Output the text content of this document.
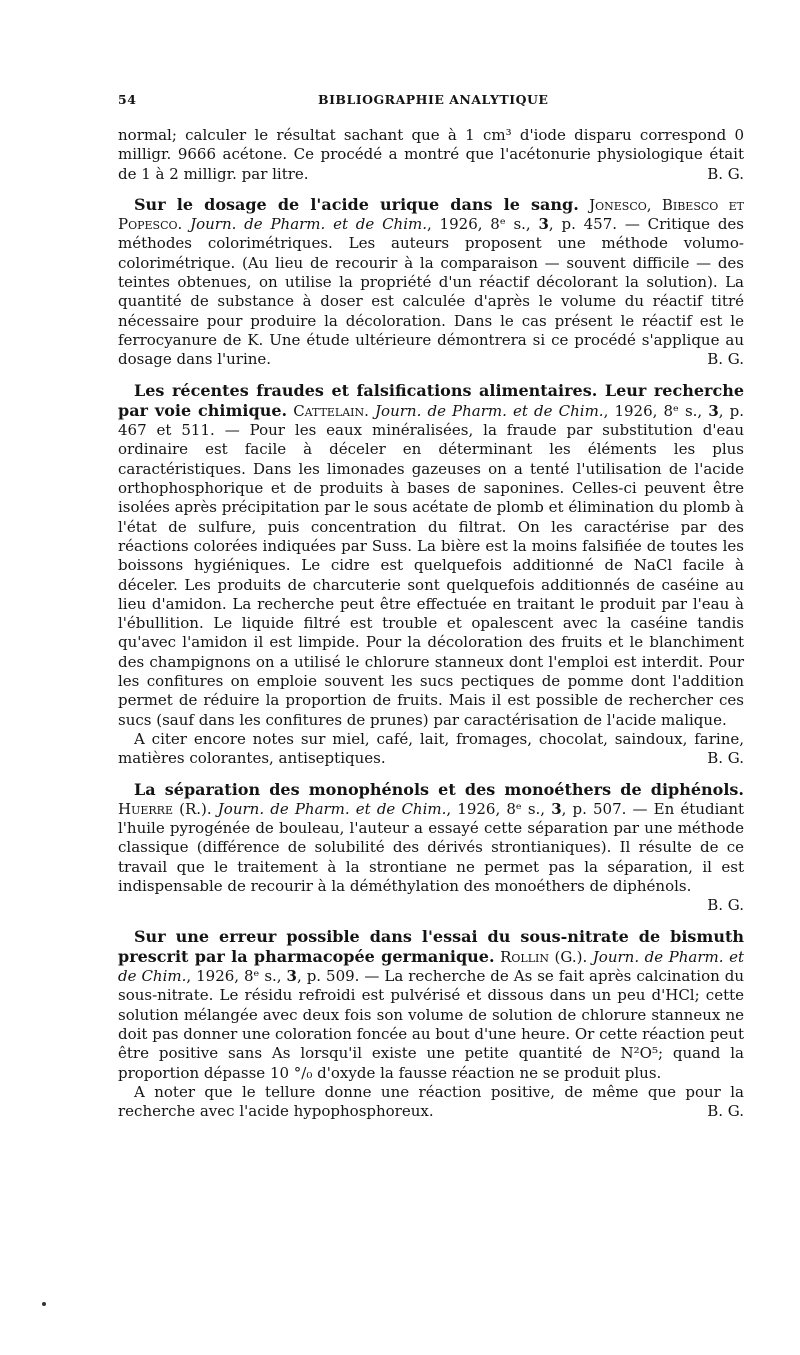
54	BIBLIOGRAPHIE ANALYTIQUE

normal; calculer le résultat sachant que à 1 cm³ d'iode disparu correspond 0 milligr. 9666 acétone. Ce procédé a montré que l'acétonurie physiologique était de 1 à 2 milligr. par litre.	B. G.

Sur le dosage de l'acide urique dans le sang. Jonesco, Bibesco et Popesco. Journ. de Pharm. et de Chim., 1926, 8ᵉ s., 3, p. 457. — Critique des méthodes colorimétriques. Les auteurs proposent une méthode volumo-colorimétrique. (Au lieu de recourir à la comparaison — souvent difficile — des teintes obtenues, on utilise la propriété d'un réactif décolorant la solution). La quantité de substance à doser est calculée d'après le volume du réactif titré nécessaire pour produire la décoloration. Dans le cas présent le réactif est le ferrocyanure de K. Une étude ultérieure démontrera si ce procédé s'applique au dosage dans l'urine.	B. G.

Les récentes fraudes et falsifications alimentaires. Leur recherche par voie chimique. Cattelain. Journ. de Pharm. et de Chim., 1926, 8ᵉ s., 3, p. 467 et 511. — Pour les eaux minéralisées, la fraude par substitution d'eau ordinaire est facile à déceler en déterminant les éléments les plus caractéristiques. Dans les limonades gazeuses on a tenté l'utilisation de l'acide orthophosphorique et de produits à bases de saponines. Celles-ci peuvent être isolées après précipitation par le sous acétate de plomb et élimination du plomb à l'état de sulfure, puis concentration du filtrat. On les caractérise par des réactions colorées indiquées par Suss. La bière est la moins falsifiée de toutes les boissons hygiéniques. Le cidre est quelquefois additionné de NaCl facile à déceler. Les produits de charcuterie sont quelquefois additionnés de caséine au lieu d'amidon. La recherche peut être effectuée en traitant le produit par l'eau à l'ébullition. Le liquide filtré est trouble et opalescent avec la caséine tandis qu'avec l'amidon il est limpide. Pour la décoloration des fruits et le blanchiment des champignons on a utilisé le chlorure stanneux dont l'emploi est interdit. Pour les confitures on emploie souvent les sucs pectiques de pomme dont l'addition permet de réduire la proportion de fruits. Mais il est possible de rechercher ces sucs (sauf dans les confitures de prunes) par caractérisation de l'acide malique.

A citer encore notes sur miel, café, lait, fromages, chocolat, saindoux, farine, matières colorantes, antiseptiques.	B. G.

La séparation des monophénols et des monoéthers de diphénols. Huerre (R.). Journ. de Pharm. et de Chim., 1926, 8ᵉ s., 3, p. 507. — En étudiant l'huile pyrogénée de bouleau, l'auteur a essayé cette séparation par une méthode classique (différence de solubilité des dérivés strontianiques). Il résulte de ce travail que le traitement à la strontiane ne permet pas la séparation, il est indispensable de recourir à la déméthylation des monoéthers de diphénols.
B. G.

Sur une erreur possible dans l'essai du sous-nitrate de bismuth prescrit par la pharmacopée germanique. Rollin (G.). Journ. de Pharm. et de Chim., 1926, 8ᵉ s., 3, p. 509. — La recherche de As se fait après calcination du sous-nitrate. Le résidu refroidi est pulvérisé et dissous dans un peu d'HCl; cette solution mélangée avec deux fois son volume de solution de chlorure stanneux ne doit pas donner une coloration foncée au bout d'une heure. Or cette réaction peut être positive sans As lorsqu'il existe une petite quantité de N²O⁵; quand la proportion dépasse 10 °/₀ d'oxyde la fausse réaction ne se produit plus.

A noter que le tellure donne une réaction positive, de même que pour la recherche avec l'acide hypophosphoreux.	B. G.
